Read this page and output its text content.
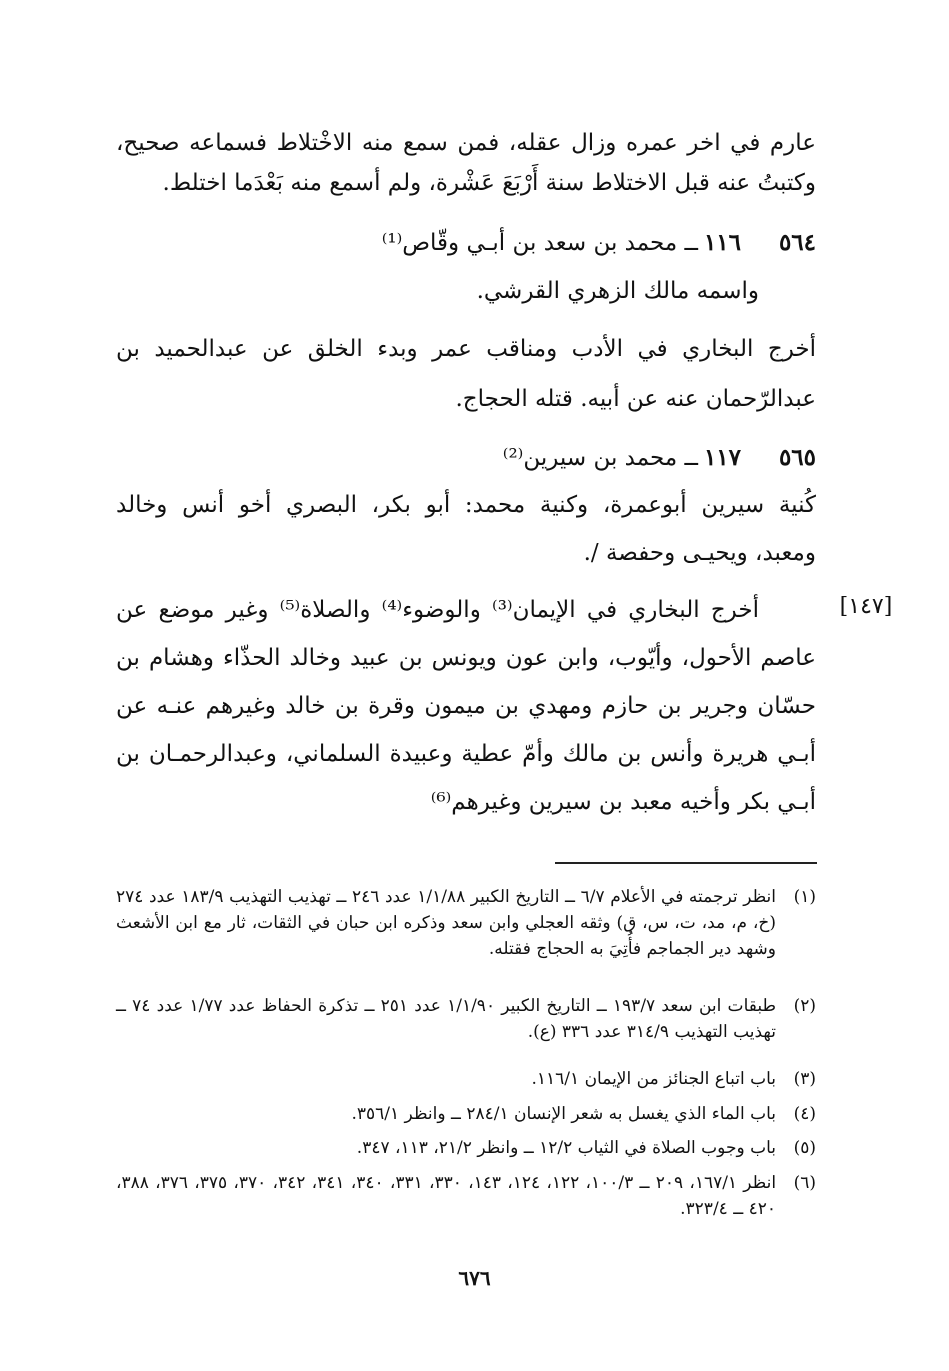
عارم في اخر عمره وزال عقله، فمن سمع منه الاخْتلاط فسماعه صحيح،
وكتبتُ عنه قبل الاختلاط سنة أَرْبَعَ عَشْرة، ولم أسمع منه بَعْدَما اختلط.
٥٦٤
١١٦
ــ محمد بن سعد بن أبـي وقّاص⁽¹⁾
واسمه مالك الزهري القرشي.
أخرج البخاري في الأدب ومناقب عمر وبدء الخلق عن عبدالحميد بن
عبدالرّحمان عنه عن أبيه. قتله الحجاج.
٥٦٥
١١٧
ــ محمد بن سيرين⁽²⁾
كُنية سيرين أبوعمرة، وكنية محمد: أبو بكر، البصري أخو أنس وخالد
ومعبد، ويحيـى وحفصة /.
[١٤٧]
أخرج البخاري في الإيمان⁽³⁾ والوضوء⁽⁴⁾ والصلاة⁽⁵⁾ وغير موضع عن
عاصم الأحول، وأيّوب، وابن عون ويونس بن عبيد وخالد الحذّاء وهشام بن
حسّان وجرير بن حازم ومهدي بن ميمون وقرة بن خالد وغيرهم عنـه عن
أبـي هريرة وأنس بن مالك وأمّ عطية وعبيدة السلماني، وعبدالرحمـان بن
أبـي بكر وأخيه معبد بن سيرين وغيرهم⁽⁶⁾
(١)
انظر ترجمته في الأعلام ٦/٧ ــ التاريخ الكبير ١/١/٨٨ عدد ٢٤٦ ــ تهذيب التهذيب ١٨٣/٩ عدد ٢٧٤ (خ، م، مد، ت، س، ق) وثقه العجلي وابن سعد وذكره ابن حبان في الثقات، ثار مع ابن الأشعث وشهد دير الجماجم فأُتِيَ به الحجاج فقتله.
(٢)
طبقات ابن سعد ١٩٣/٧ ــ التاريخ الكبير ١/١/٩٠ عدد ٢٥١ ــ تذكرة الحفاظ عدد ١/٧٧ عدد ٧٤ ــ تهذيب التهذيب ٣١٤/٩ عدد ٣٣٦ (ع).
(٣)
باب اتباع الجنائز من الإيمان ١١٦/١.
(٤)
باب الماء الذي يغسل به شعر الإنسان ٢٨٤/١ ــ وانظر ٣٥٦/١.
(٥)
باب وجوب الصلاة في الثياب ١٢/٢ ــ وانظر ٢١/٢، ١١٣، ٣٤٧.
(٦)
انظر ١٦٧/١، ٢٠٩ ــ ١٠٠/٣، ١٢٢، ١٢٤، ١٤٣، ٣٣٠، ٣٣١، ٣٤٠، ٣٤١، ٣٤٢، ٣٧٠، ٣٧٥، ٣٧٦، ٣٨٨، ٤٢٠ ــ ٣٢٣/٤.
٦٧٦
